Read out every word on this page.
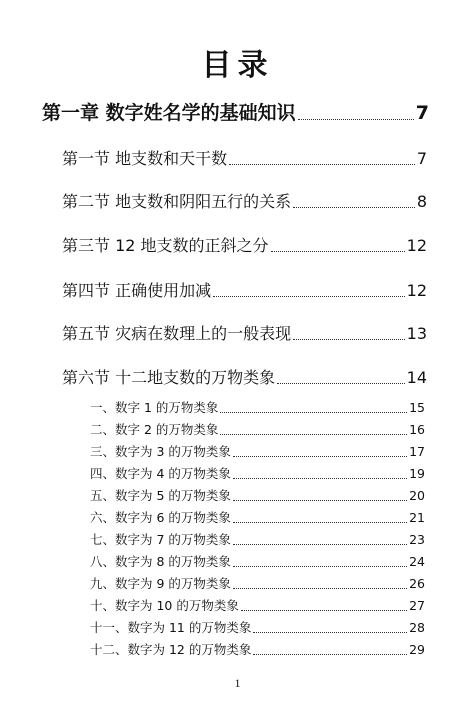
目录
第一章 数字姓名学的基础知识	7
第一节 地支数和天干数	7
第二节 地支数和阴阳五行的关系	8
第三节 12 地支数的正斜之分	12
第四节 正确使用加减	12
第五节 灾病在数理上的一般表现	13
第六节 十二地支数的万物类象	14
一、数字 1 的万物类象	15
二、数字 2 的万物类象	16
三、数字为 3 的万物类象	17
四、数字为 4 的万物类象	19
五、数字为 5 的万物类象	20
六、数字为 6 的万物类象	21
七、数字为 7 的万物类象	23
八、数字为 8 的万物类象	24
九、数字为 9 的万物类象	26
十、数字为 10 的万物类象	27
十一、数字为 11 的万物类象	28
十二、数字为 12 的万物类象	29
1
